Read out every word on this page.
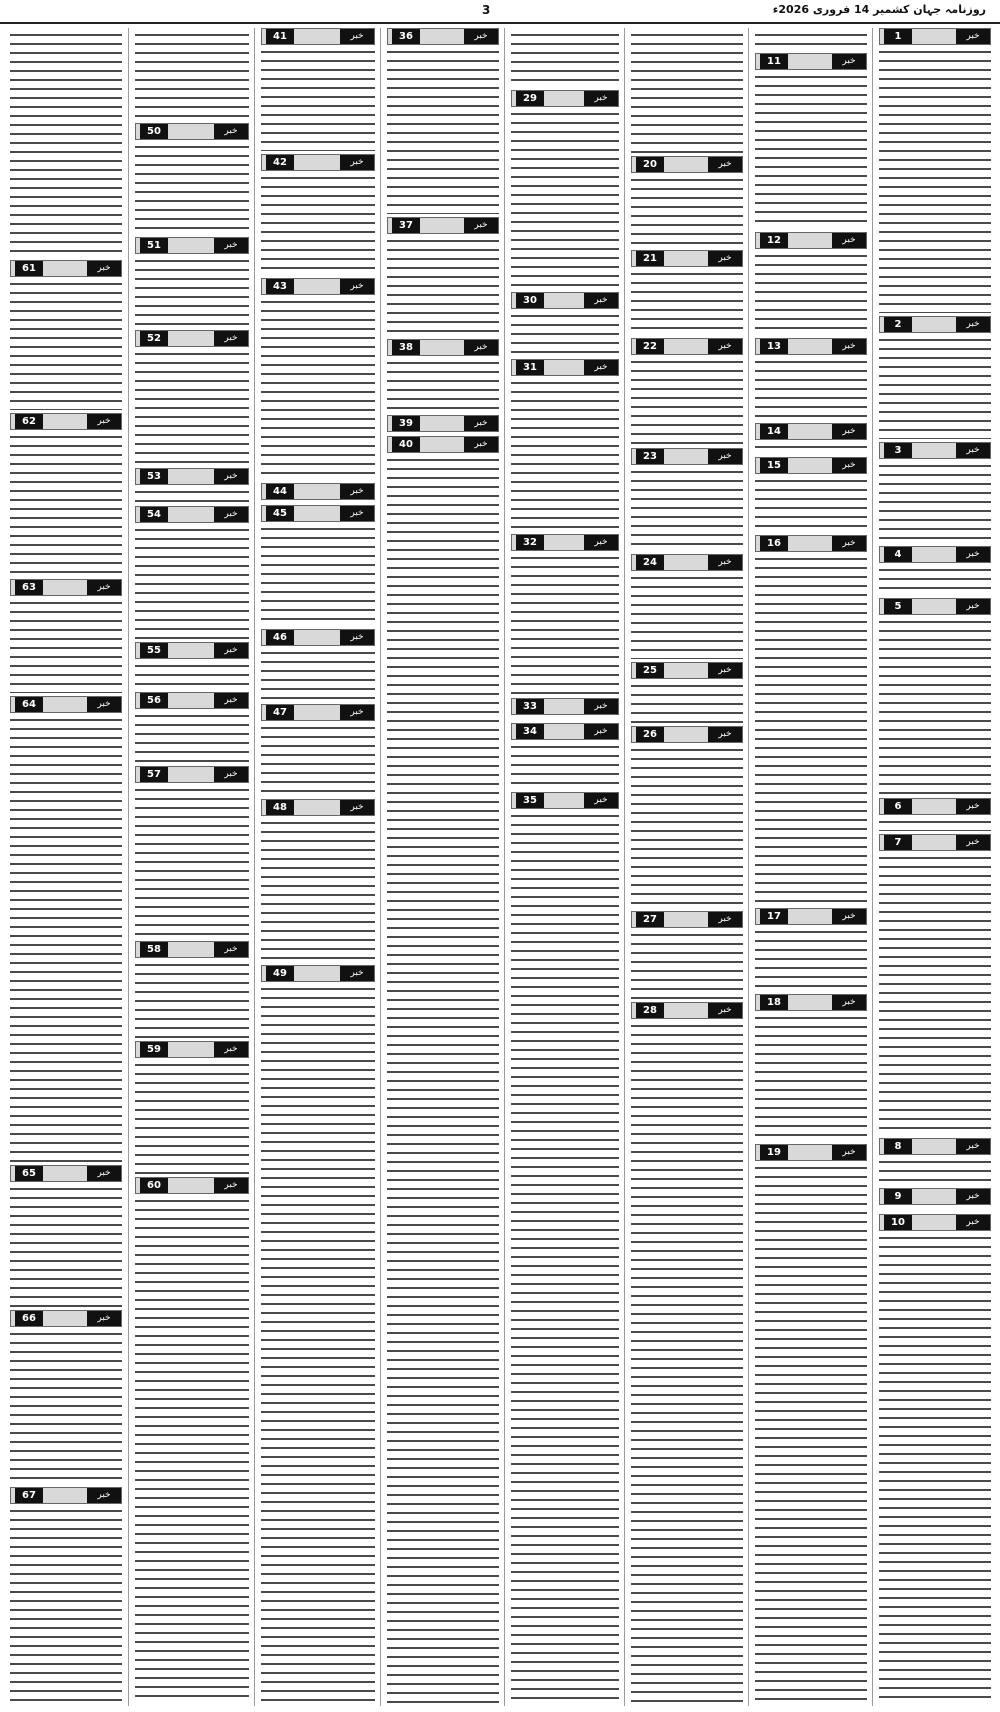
3	روزنامہ جہان کشمیر 14 فروری 2026ء
1	خبر
2	خبر
3	خبر
4	خبر
5	خبر
6	خبر
7	خبر
8	خبر
9	خبر
10	خبر
11	خبر
12	خبر
13	خبر
14	خبر
15	خبر
16	خبر
17	خبر
18	خبر
19	خبر
20	خبر
21	خبر
22	خبر
23	خبر
24	خبر
25	خبر
26	خبر
27	خبر
28	خبر
29	خبر
30	خبر
31	خبر
32	خبر
33	خبر
34	خبر
35	خبر
36	خبر
37	خبر
38	خبر
39	خبر
40	خبر
41	خبر
42	خبر
43	خبر
44	خبر
45	خبر
46	خبر
47	خبر
48	خبر
49	خبر
50	خبر
51	خبر
52	خبر
53	خبر
54	خبر
55	خبر
56	خبر
57	خبر
58	خبر
59	خبر
60	خبر
61	خبر
62	خبر
63	خبر
64	خبر
65	خبر
66	خبر
67	خبر
